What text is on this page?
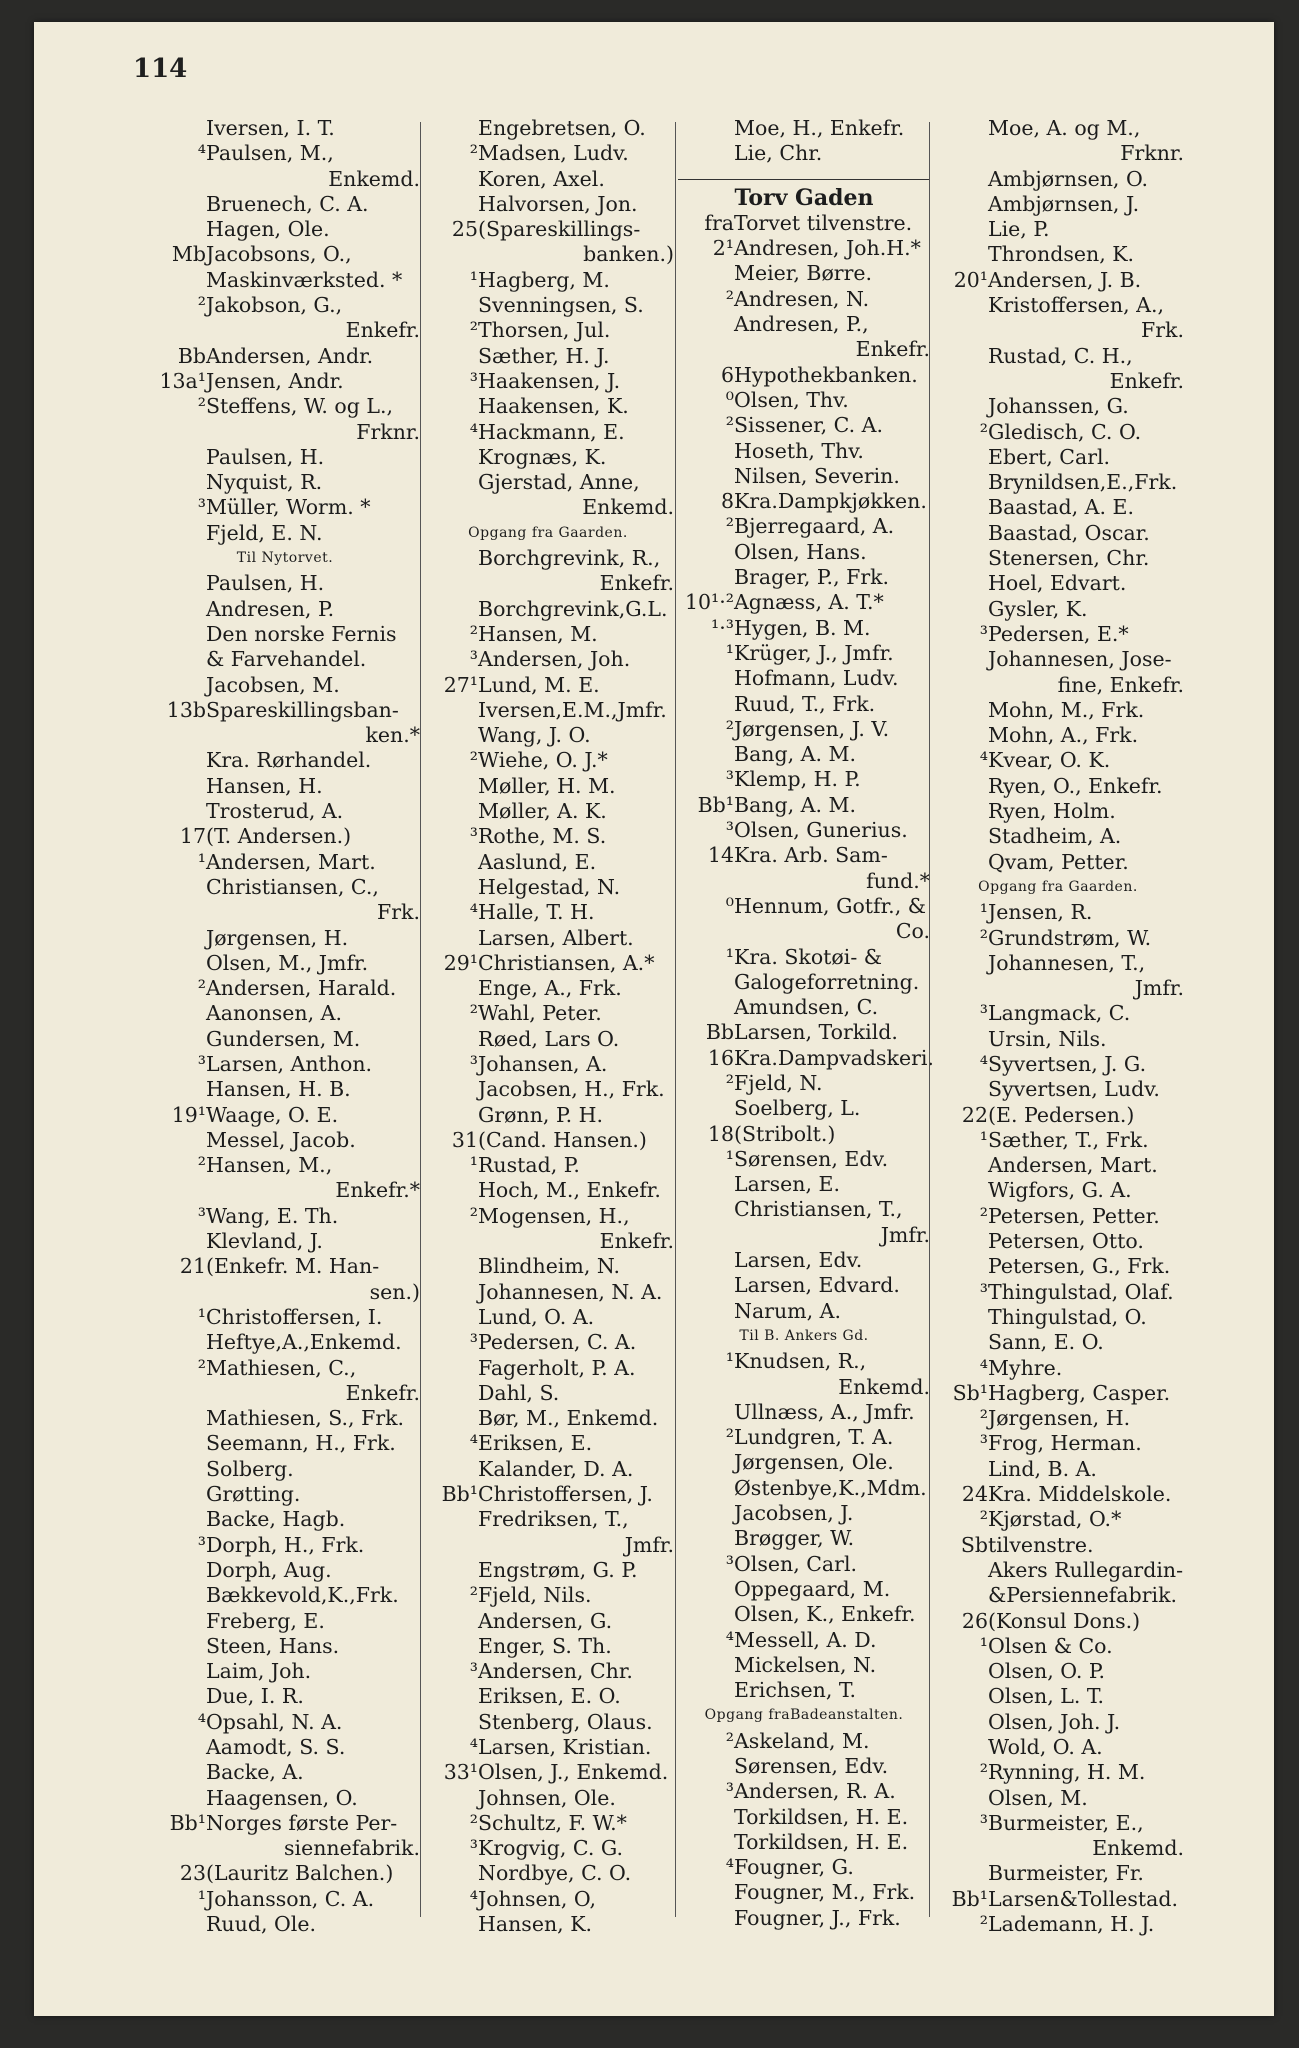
114
Iversen, I. T.
⁴ Paulsen, M.,
Enkemd.
Bruenech, C. A.
Hagen, Ole.
Mb Jacobsons, O.,
Maskinværksted. *
² Jakobson, G.,
Enkefr.
Bb Andersen, Andr.
13a¹ Jensen, Andr.
² Steffens, W. og L.,
Frknr.
Paulsen, H.
Nyquist, R.
³ Müller, Worm. *
Fjeld, E. N.
Til Nytorvet.
Paulsen, H.
Andresen, P.
Den norske Fernis
& Farvehandel.
Jacobsen, M.
13b Spareskillingsban-
ken.*
Kra. Rørhandel.
Hansen, H.
Trosterud, A.
17 (T. Andersen.)
¹ Andersen, Mart.
Christiansen, C.,
Frk.
Jørgensen, H.
Olsen, M., Jmfr.
² Andersen, Harald.
Aanonsen, A.
Gundersen, M.
³ Larsen, Anthon.
Hansen, H. B.
19¹ Waage, O. E.
Messel, Jacob.
² Hansen, M.,
Enkefr.*
³ Wang, E. Th.
Klevland, J.
21 (Enkefr. M. Han-
sen.)
¹ Christoffersen, I.
Heftye,A.,Enkemd.
² Mathiesen, C.,
Enkefr.
Mathiesen, S., Frk.
Seemann, H., Frk.
Solberg.
Grøtting.
Backe, Hagb.
³ Dorph, H., Frk.
Dorph, Aug.
Bækkevold,K.,Frk.
Freberg, E.
Steen, Hans.
Laim, Joh.
Due, I. R.
⁴ Opsahl, N. A.
Aamodt, S. S.
Backe, A.
Haagensen, O.
Bb¹ Norges første Per-
siennefabrik.
23 (Lauritz Balchen.)
¹ Johansson, C. A.
Ruud, Ole.
Engebretsen, O.
² Madsen, Ludv.
Koren, Axel.
Halvorsen, Jon.
25 (Spareskillings-
banken.)
¹ Hagberg, M.
Svenningsen, S.
² Thorsen, Jul.
Sæther, H. J.
³ Haakensen, J.
Haakensen, K.
⁴ Hackmann, E.
Krognæs, K.
Gjerstad, Anne,
Enkemd.
Opgang fra Gaarden.
Borchgrevink, R.,
Enkefr.
Borchgrevink,G.L.
² Hansen, M.
³ Andersen, Joh.
27¹ Lund, M. E.
Iversen,E.M.,Jmfr.
Wang, J. O.
² Wiehe, O. J.*
Møller, H. M.
Møller, A. K.
³ Rothe, M. S.
Aaslund, E.
Helgestad, N.
⁴ Halle, T. H.
Larsen, Albert.
29¹ Christiansen, A.*
Enge, A., Frk.
² Wahl, Peter.
Røed, Lars O.
³ Johansen, A.
Jacobsen, H., Frk.
Grønn, P. H.
31 (Cand. Hansen.)
¹ Rustad, P.
Hoch, M., Enkefr.
² Mogensen, H.,
Enkefr.
Blindheim, N.
Johannesen, N. A.
Lund, O. A.
³ Pedersen, C. A.
Fagerholt, P. A.
Dahl, S.
Bør, M., Enkemd.
⁴ Eriksen, E.
Kalander, D. A.
Bb¹ Christoffersen, J.
Fredriksen, T.,
Jmfr.
Engstrøm, G. P.
² Fjeld, Nils.
Andersen, G.
Enger, S. Th.
³ Andersen, Chr.
Eriksen, E. O.
Stenberg, Olaus.
⁴ Larsen, Kristian.
33¹ Olsen, J., Enkemd.
Johnsen, Ole.
² Schultz, F. W.*
³ Krogvig, C. G.
Nordbye, C. O.
⁴ Johnsen, O,
Hansen, K.
Moe, H., Enkefr.
Lie, Chr.
Torv Gaden
fra Torvet tilvenstre.
2¹ Andresen, Joh.H.*
Meier, Børre.
² Andresen, N.
Andresen, P.,
Enkefr.
6 Hypothekbanken.
⁰ Olsen, Thv.
² Sissener, C. A.
Hoseth, Thv.
Nilsen, Severin.
8 Kra.Dampkjøkken.
² Bjerregaard, A.
Olsen, Hans.
Brager, P., Frk.
10¹·² Agnæss, A. T.*
¹·³ Hygen, B. M.
¹ Krüger, J., Jmfr.
Hofmann, Ludv.
Ruud, T., Frk.
² Jørgensen, J. V.
Bang, A. M.
³ Klemp, H. P.
Bb¹ Bang, A. M.
³ Olsen, Gunerius.
14 Kra. Arb. Sam-
fund.*
⁰ Hennum, Gotfr., &
Co.
¹ Kra. Skotøi- &
Galogeforretning.
Amundsen, C.
Bb Larsen, Torkild.
16 Kra.Dampvadskeri.
² Fjeld, N.
Soelberg, L.
18 (Stribolt.)
¹ Sørensen, Edv.
Larsen, E.
Christiansen, T.,
Jmfr.
Larsen, Edv.
Larsen, Edvard.
Narum, A.
Til B. Ankers Gd.
¹ Knudsen, R.,
Enkemd.
Ullnæss, A., Jmfr.
² Lundgren, T. A.
Jørgensen, Ole.
Østenbye,K.,Mdm.
Jacobsen, J.
Brøgger, W.
³ Olsen, Carl.
Oppegaard, M.
Olsen, K., Enkefr.
⁴ Messell, A. D.
Mickelsen, N.
Erichsen, T.
Opgang fraBadeanstalten.
² Askeland, M.
Sørensen, Edv.
³ Andersen, R. A.
Torkildsen, H. E.
Torkildsen, H. E.
⁴ Fougner, G.
Fougner, M., Frk.
Fougner, J., Frk.
Moe, A. og M.,
Frknr.
Ambjørnsen, O.
Ambjørnsen, J.
Lie, P.
Throndsen, K.
20¹ Andersen, J. B.
Kristoffersen, A.,
Frk.
Rustad, C. H.,
Enkefr.
Johanssen, G.
² Gledisch, C. O.
Ebert, Carl.
Brynildsen,E.,Frk.
Baastad, A. E.
Baastad, Oscar.
Stenersen, Chr.
Hoel, Edvart.
Gysler, K.
³ Pedersen, E.*
Johannesen, Jose-
fine, Enkefr.
Mohn, M., Frk.
Mohn, A., Frk.
⁴ Kvear, O. K.
Ryen, O., Enkefr.
Ryen, Holm.
Stadheim, A.
Qvam, Petter.
Opgang fra Gaarden.
¹ Jensen, R.
² Grundstrøm, W.
Johannesen, T.,
Jmfr.
³ Langmack, C.
Ursin, Nils.
⁴ Syvertsen, J. G.
Syvertsen, Ludv.
22 (E. Pedersen.)
¹ Sæther, T., Frk.
Andersen, Mart.
Wigfors, G. A.
² Petersen, Petter.
Petersen, Otto.
Petersen, G., Frk.
³ Thingulstad, Olaf.
Thingulstad, O.
Sann, E. O.
⁴ Myhre.
Sb¹ Hagberg, Casper.
² Jørgensen, H.
³ Frog, Herman.
Lind, B. A.
24 Kra. Middelskole.
² Kjørstad, O.*
Sb tilvenstre.
Akers Rullegardin-
&Persiennefabrik.
26 (Konsul Dons.)
¹ Olsen & Co.
Olsen, O. P.
Olsen, L. T.
Olsen, Joh. J.
Wold, O. A.
² Rynning, H. M.
Olsen, M.
³ Burmeister, E.,
Enkemd.
Burmeister, Fr.
Bb¹ Larsen&Tollestad.
² Lademann, H. J.
